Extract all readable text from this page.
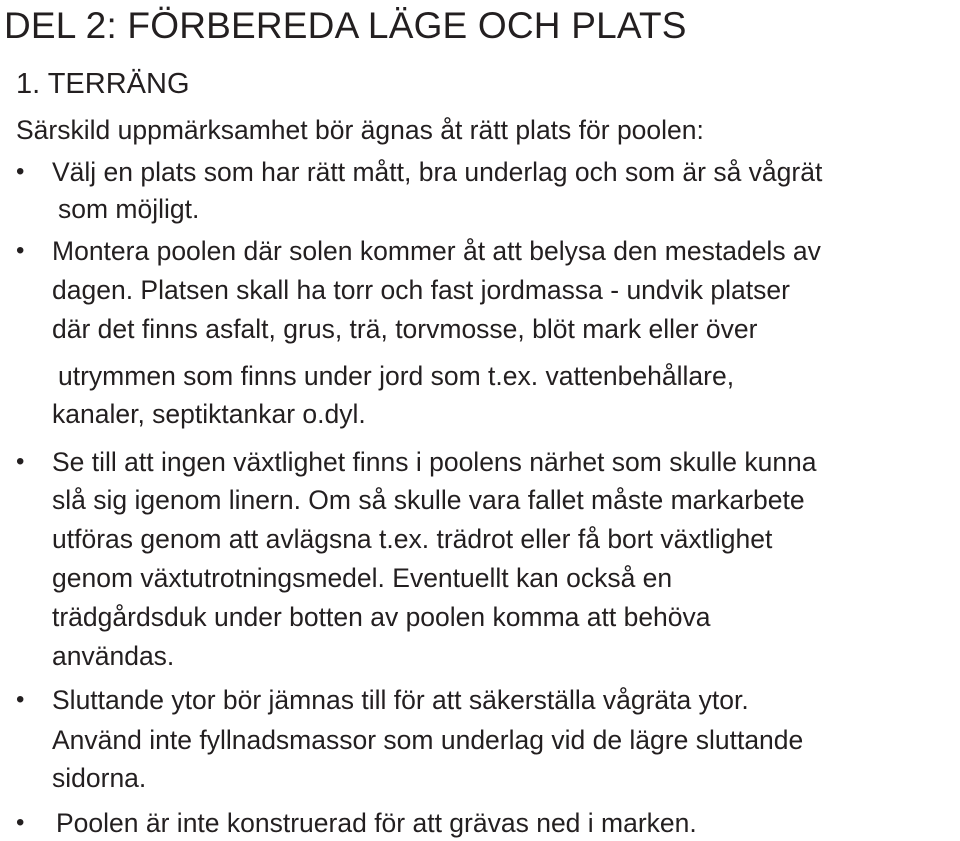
DEL 2: FÖRBEREDA LÄGE OCH PLATS
1. TERRÄNG

Särskild uppmärksamhet bör ägnas åt rätt plats för poolen:

• Välj en plats som har rätt mått, bra underlag och som är så vågrät

som möjligt.

• Montera poolen där solen kommer åt att belysa den mestadels av

dagen. Platsen skall ha torr och fast jordmassa - undvik platser

där det finns asfalt, grus, trä, torvmosse, blöt mark eller över

utrymmen som finns under jord som t.ex. vattenbehållare,

kanaler, septiktankar o.dyl.

• Se till att ingen växtlighet finns i poolens närhet som skulle kunna

slå sig igenom linern. Om så skulle vara fallet måste markarbete

utföras genom att avlägsna t.ex. trädrot eller få bort växtlighet

genom växtutrotningsmedel. Eventuellt kan också en

trädgårdsduk under botten av poolen komma att behöva

användas.

• Sluttande ytor bör jämnas till för att säkerställa vågräta ytor.

Använd inte fyllnadsmassor som underlag vid de lägre sluttande

sidorna.

• Poolen är inte konstruerad för att grävas ned i marken.
